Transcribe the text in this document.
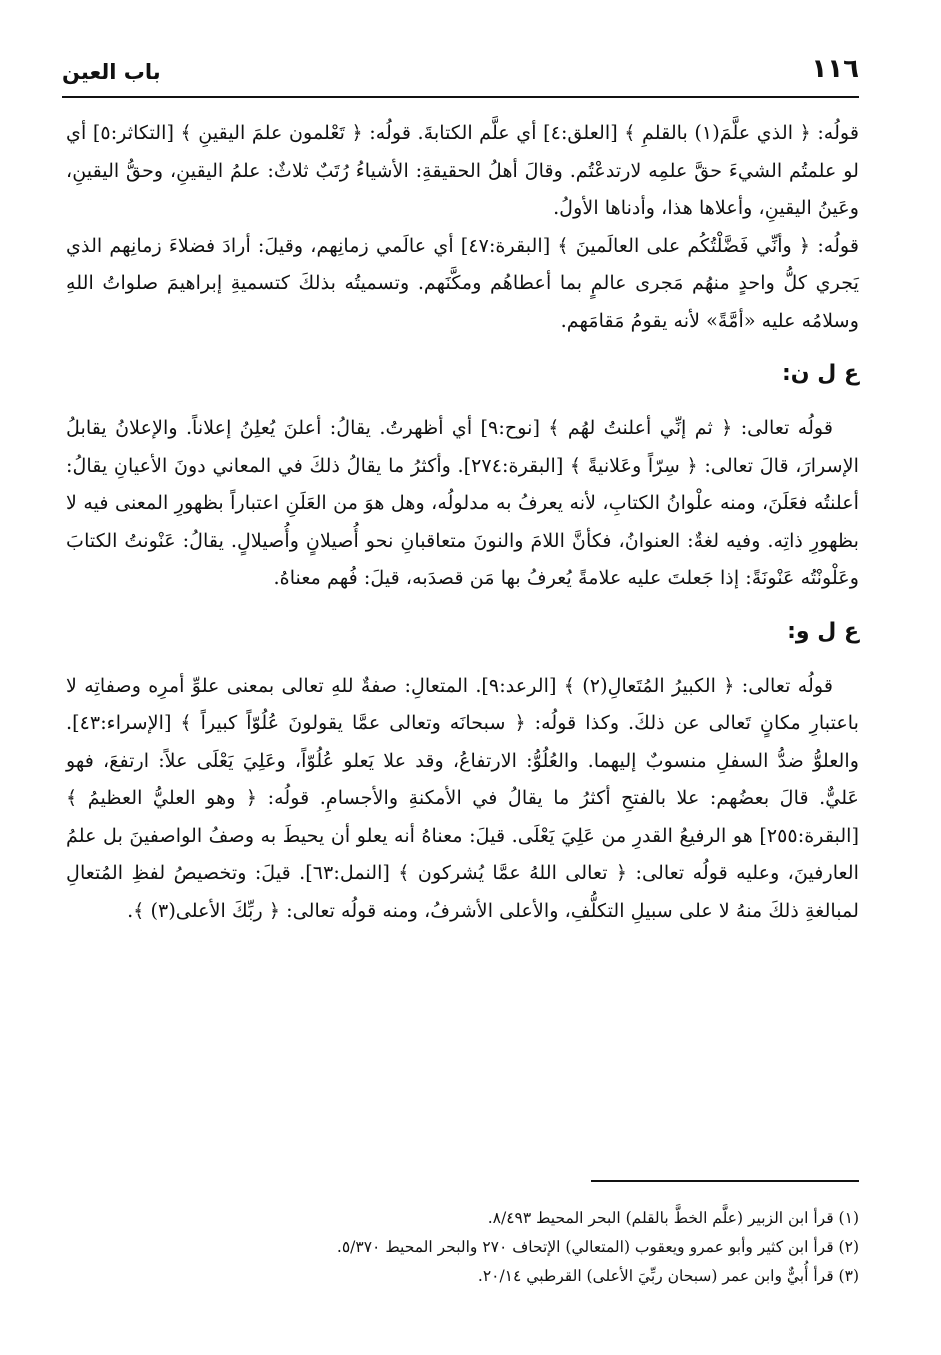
١١٦
باب العين

قولُه: ﴿ الذي علَّمَ(١) بالقلمِ ﴾ [العلق:٤] أي علَّم الكتابةَ. قولُه: ﴿ تَعْلمون علمَ اليقينِ ﴾ [التكاثر:٥] أي لو علمتُم الشيءَ حقَّ علمِه لارتدعْتُم. وقالَ أهلُ الحقيقةِ: الأشياءُ رُتَبٌ ثلاثٌ: علمُ اليقينِ، وحقُّ اليقينِ، وعَينُ اليقينِ، وأعلاها هذا، وأدناها الأولُ.

قولُه: ﴿ وأنِّي فَضَّلْتُكُم على العالَمينَ ﴾ [البقرة:٤٧] أي عالَمي زمانِهم، وقيلَ: أرادَ فضلاءَ زمانِهم الذي يَجري كلُّ واحدٍ منهُم مَجرى عالمٍ بما أعطاهُم ومكَّنَهم. وتسميتُه بذلكَ كتسميةِ إبراهيمَ صلواتُ اللهِ وسلامُه عليه «أمَّةً» لأنه يقومُ مَقامَهم.

ع ل ن:

قولُه تعالى: ﴿ ثم إنِّي أعلنتُ لهُم ﴾ [نوح:٩] أي أظهرتُ. يقالُ: أعلنَ يُعلِنُ إعلاناً. والإعلانُ يقابلُ الإسرارَ، قالَ تعالى: ﴿ سِرّاً وعَلانيةً ﴾ [البقرة:٢٧٤]. وأكثرُ ما يقالُ ذلكَ في المعاني دونَ الأعيانِ يقالُ: أعلنتُه فعَلَنَ، ومنه علْوانُ الكتابِ، لأنه يعرفُ به مدلولُه، وهل هوَ من العَلَنِ اعتباراً بظهورِ المعنى فيه لا بظهورِ ذاتِه. وفيه لغةٌ: العنوانُ، فكأنَّ اللامَ والنونَ متعاقبانِ نحو أُصيلانٍ وأُصيلالٍ. يقالُ: عَنْونتُ الكتابَ وعَلْونْتُه عَنْونَةً: إذا جَعلتَ عليه علامةً يُعرفُ بها مَن قصدَبه، قيلَ: فُهم معناهُ.

ع ل و:

قولُه تعالى: ﴿ الكبيرُ المُتَعالِ(٢) ﴾ [الرعد:٩]. المتعالِ: صفةٌ للهِ تعالى بمعنى علوِّ أمرِه وصفاتِه لا باعتبارِ مكانٍ تَعالى عن ذلكَ. وكذا قولُه: ﴿ سبحانَه وتعالى عمَّا يقولونَ عُلُوّاً كبيراً ﴾ [الإسراء:٤٣]. والعلوُّ ضدُّ السفلِ منسوبٌ إليهما. والعُلُوُّ: الارتفاعُ، وقد علا يَعلو عُلُوّاً، وعَلِيَ يَعْلَى علاً: ارتفعَ، فهو عَليٌّ. قالَ بعضُهم: علا بالفتحِ أكثرُ ما يقالُ في الأمكنةِ والأجسامِ. قولُه: ﴿ وهو العليُّ العظيمُ ﴾ [البقرة:٢٥٥] هو الرفيعُ القدرِ من عَلِيَ يَعْلَى. قيلَ: معناهُ أنه يعلو أن يحيطَ به وصفُ الواصفينَ بل علمُ العارفينَ، وعليه قولُه تعالى: ﴿ تعالى اللهُ عمَّا يُشركون ﴾ [النمل:٦٣]. قيلَ: وتخصيصُ لفظِ المُتعالِ لمبالغةِ ذلكَ منهُ لا على سبيلِ التكلُّفِ، والأعلى الأشرفُ، ومنه قولُه تعالى: ﴿ ربِّكَ الأعلى(٣) ﴾.

(١) قرأ ابن الزبير (علَّم الخطَّ بالقلم) البحر المحيط ٨/٤٩٣.
(٢) قرأ ابن كثير وأبو عمرو ويعقوب (المتعالي) الإتحاف ٢٧٠ والبحر المحيط ٥/٣٧٠.
(٣) قرأ أُبيٌّ وابن عمر (سبحان ربِّيَ الأعلى) القرطبي ٢٠/١٤.
